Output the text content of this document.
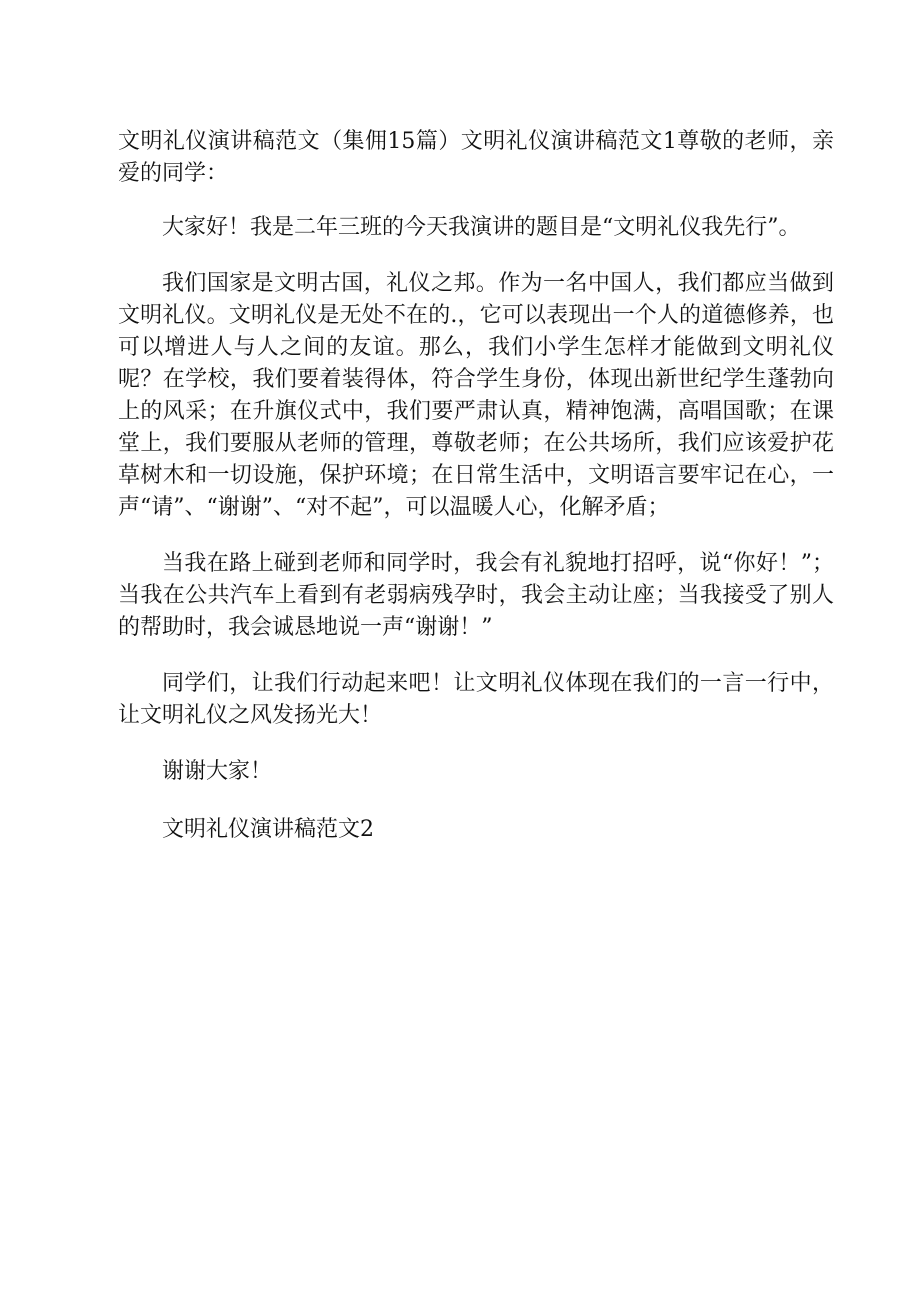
文明礼仪演讲稿范文（集佣15篇）文明礼仪演讲稿范文1尊敬的老师，亲爱的同学：

大家好！我是二年三班的今天我演讲的题目是“文明礼仪我先行”。

我们国家是文明古国，礼仪之邦。作为一名中国人，我们都应当做到文明礼仪。文明礼仪是无处不在的.，它可以表现出一个人的道德修养，也可以增进人与人之间的友谊。那么，我们小学生怎样才能做到文明礼仪呢？在学校，我们要着装得体，符合学生身份，体现出新世纪学生蓬勃向上的风采；在升旗仪式中，我们要严肃认真，精神饱满，高唱国歌；在课堂上，我们要服从老师的管理，尊敬老师；在公共场所，我们应该爱护花草树木和一切设施，保护环境；在日常生活中，文明语言要牢记在心，一声“请”、“谢谢”、“对不起”，可以温暖人心，化解矛盾；

当我在路上碰到老师和同学时，我会有礼貌地打招呼，说“你好！”；当我在公共汽车上看到有老弱病残孕时，我会主动让座；当我接受了别人的帮助时，我会诚恳地说一声“谢谢！”

同学们，让我们行动起来吧！让文明礼仪体现在我们的一言一行中，让文明礼仪之风发扬光大！

谢谢大家！

文明礼仪演讲稿范文2
